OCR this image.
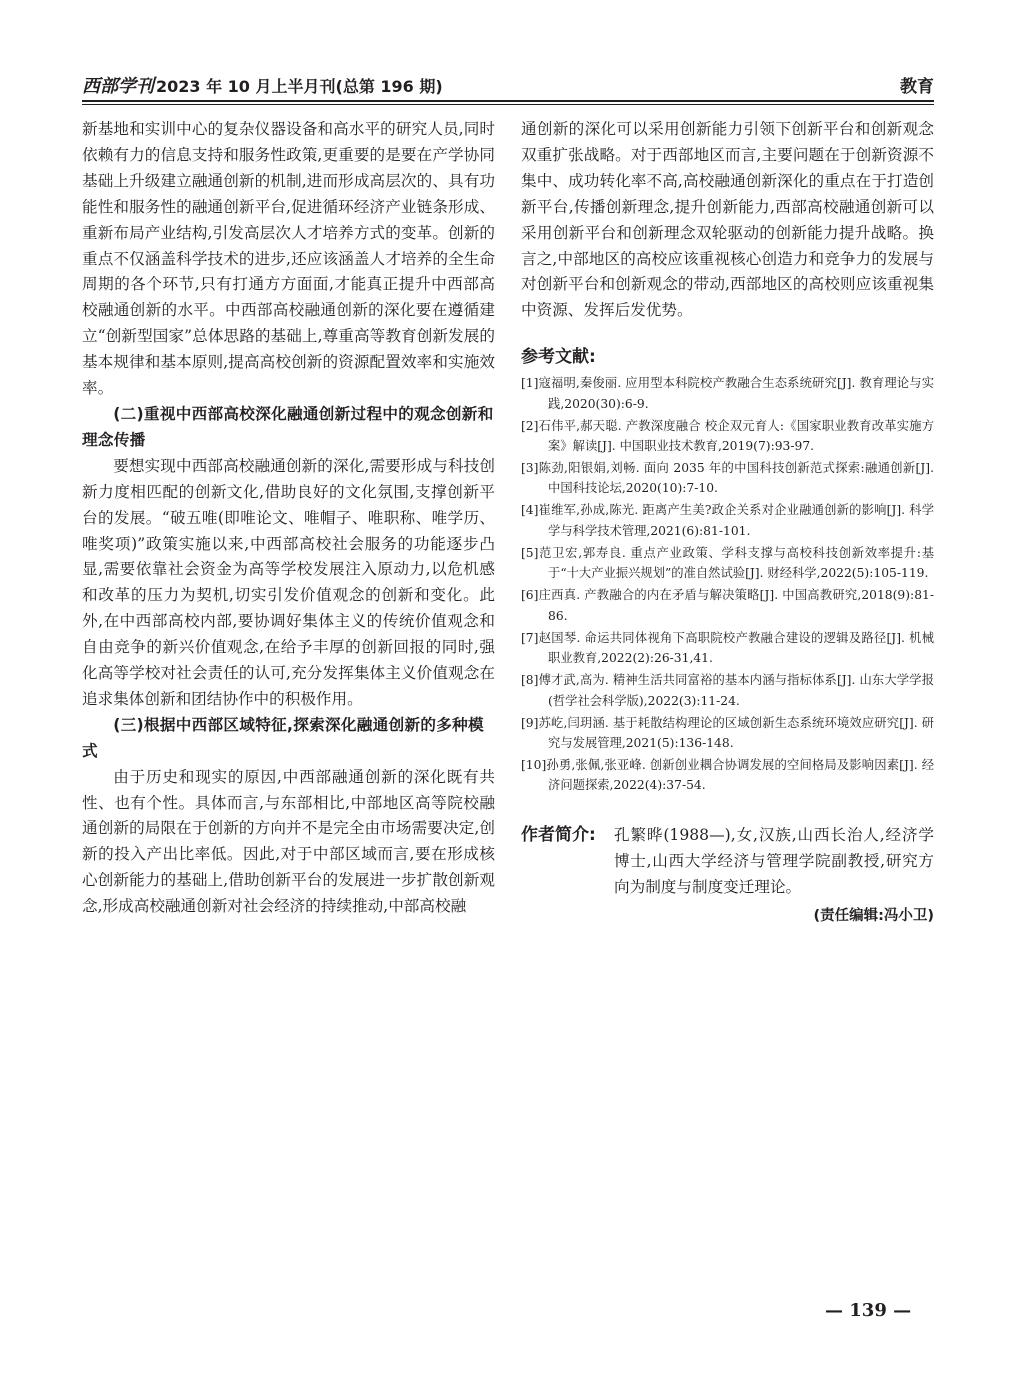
西部学刊 2023 年 10 月上半月刊(总第 196 期)	教育

新基地和实训中心的复杂仪器设备和高水平的研究人员,同时依赖有力的信息支持和服务性政策,更重要的是要在产学协同基础上升级建立融通创新的机制,进而形成高层次的、具有功能性和服务性的融通创新平台,促进循环经济产业链条形成、重新布局产业结构,引发高层次人才培养方式的变革。创新的重点不仅涵盖科学技术的进步,还应该涵盖人才培养的全生命周期的各个环节,只有打通方方面面,才能真正提升中西部高校融通创新的水平。中西部高校融通创新的深化要在遵循建立“创新型国家”总体思路的基础上,尊重高等教育创新发展的基本规律和基本原则,提高高校创新的资源配置效率和实施效率。

(二)重视中西部高校深化融通创新过程中的观念创新和理念传播

要想实现中西部高校融通创新的深化,需要形成与科技创新力度相匹配的创新文化,借助良好的文化氛围,支撑创新平台的发展。“破五唯(即唯论文、唯帽子、唯职称、唯学历、唯奖项)”政策实施以来,中西部高校社会服务的功能逐步凸显,需要依靠社会资金为高等学校发展注入原动力,以危机感和改革的压力为契机,切实引发价值观念的创新和变化。此外,在中西部高校内部,要协调好集体主义的传统价值观念和自由竞争的新兴价值观念,在给予丰厚的创新回报的同时,强化高等学校对社会责任的认可,充分发挥集体主义价值观念在追求集体创新和团结协作中的积极作用。

(三)根据中西部区域特征,探索深化融通创新的多种模式

由于历史和现实的原因,中西部融通创新的深化既有共性、也有个性。具体而言,与东部相比,中部地区高等院校融通创新的局限在于创新的方向并不是完全由市场需要决定,创新的投入产出比率低。因此,对于中部区域而言,要在形成核心创新能力的基础上,借助创新平台的发展进一步扩散创新观念,形成高校融通创新对社会经济的持续推动,中部高校融

通创新的深化可以采用创新能力引领下创新平台和创新观念双重扩张战略。对于西部地区而言,主要问题在于创新资源不集中、成功转化率不高,高校融通创新深化的重点在于打造创新平台,传播创新理念,提升创新能力,西部高校融通创新可以采用创新平台和创新理念双轮驱动的创新能力提升战略。换言之,中部地区的高校应该重视核心创造力和竞争力的发展与对创新平台和创新观念的带动,西部地区的高校则应该重视集中资源、发挥后发优势。

参考文献:

[1]寇福明,秦俊丽. 应用型本科院校产教融合生态系统研究[J]. 教育理论与实践,2020(30):6-9.

[2]石伟平,郝天聪. 产教深度融合 校企双元育人:《国家职业教育改革实施方案》解读[J]. 中国职业技术教育,2019(7):93-97.

[3]陈劲,阳银娟,刘畅. 面向 2035 年的中国科技创新范式探索:融通创新[J]. 中国科技论坛,2020(10):7-10.

[4]崔维军,孙成,陈光. 距离产生美?政企关系对企业融通创新的影响[J]. 科学学与科学技术管理,2021(6):81-101.

[5]范卫宏,郭寿良. 重点产业政策、学科支撑与高校科技创新效率提升:基于“十大产业振兴规划”的准自然试验[J]. 财经科学,2022(5):105-119.

[6]庄西真. 产教融合的内在矛盾与解决策略[J]. 中国高教研究,2018(9):81-86.

[7]赵国琴. 命运共同体视角下高职院校产教融合建设的逻辑及路径[J]. 机械职业教育,2022(2):26-31,41.

[8]傅才武,高为. 精神生活共同富裕的基本内涵与指标体系[J]. 山东大学学报(哲学社会科学版),2022(3):11-24.

[9]苏屹,闫玥涵. 基于耗散结构理论的区域创新生态系统环境效应研究[J]. 研究与发展管理,2021(5):136-148.

[10]孙勇,张佩,张亚峰. 创新创业耦合协调发展的空间格局及影响因素[J]. 经济问题探索,2022(4):37-54.

作者简介: 孔繁晔(1988—),女,汉族,山西长治人,经济学博士,山西大学经济与管理学院副教授,研究方向为制度与制度变迁理论。
(责任编辑:冯小卫)
— 139 —
